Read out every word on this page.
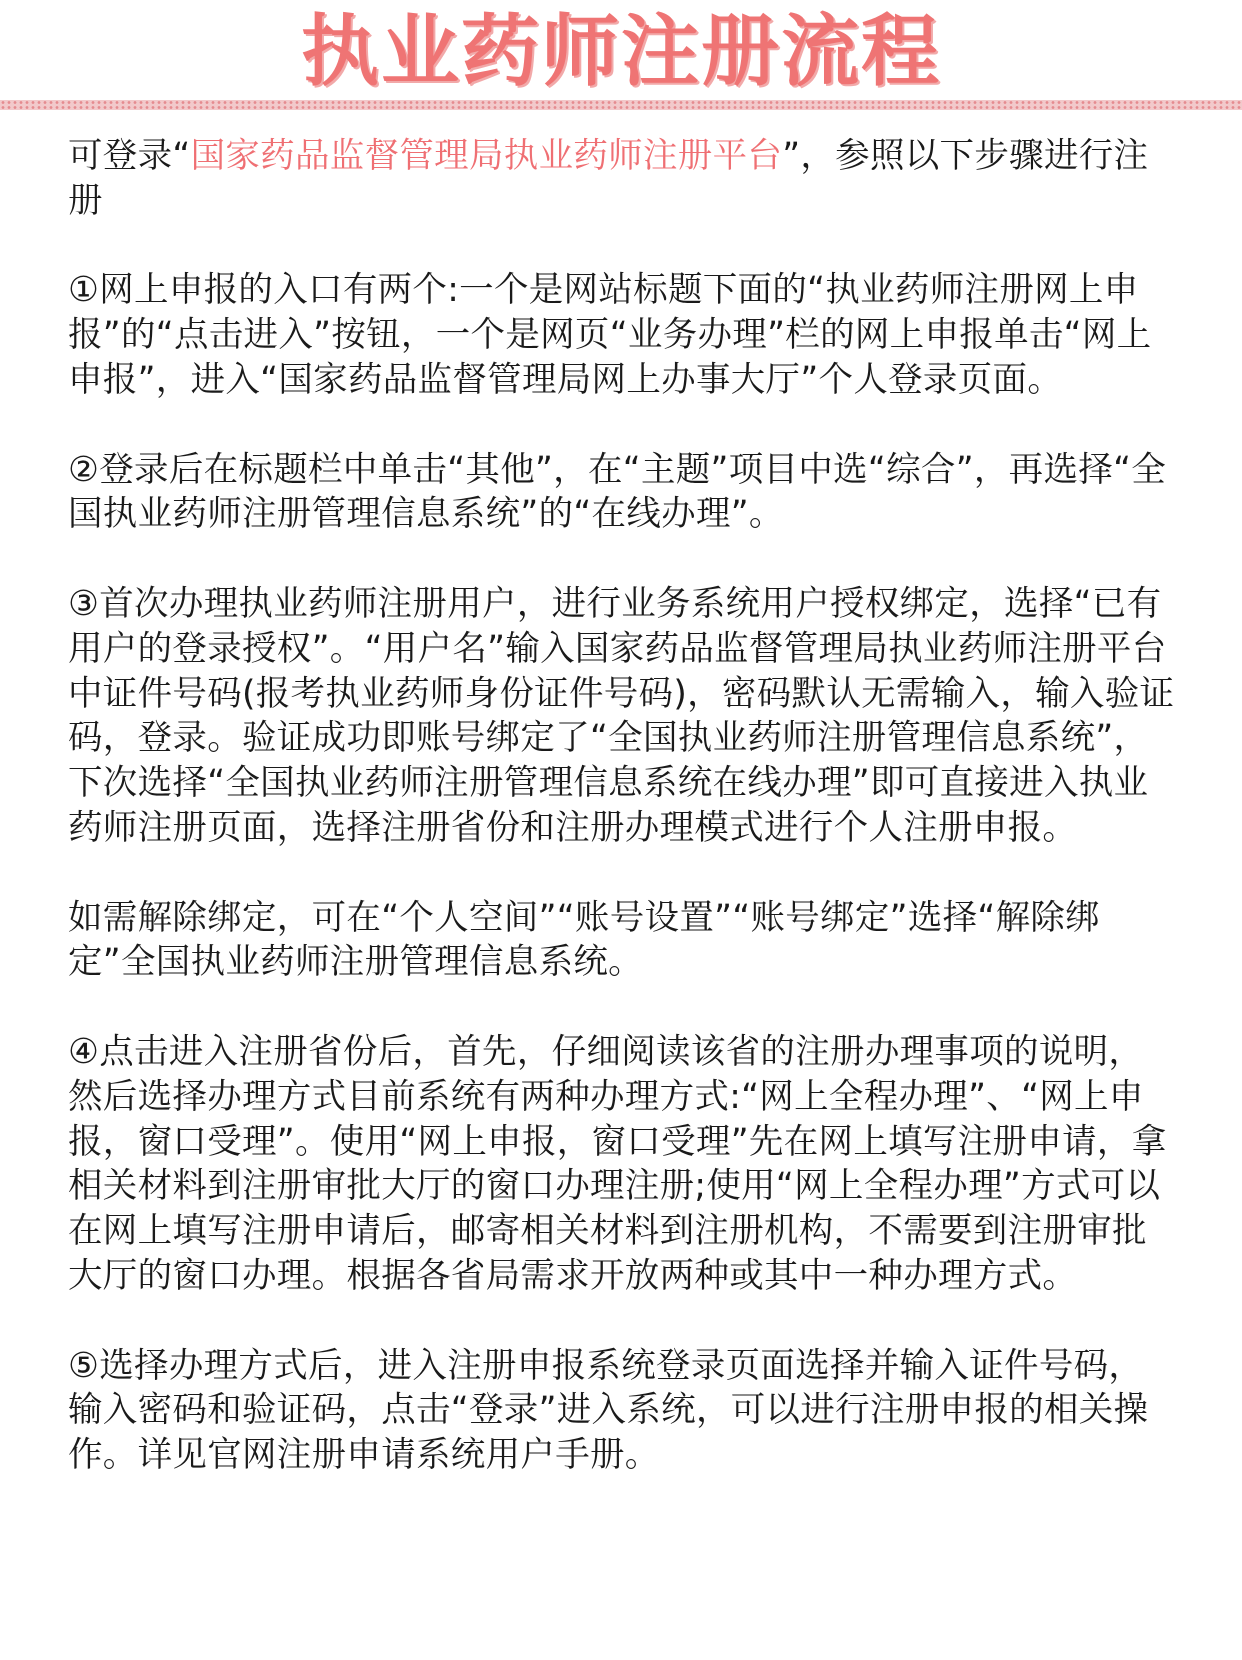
执业药师注册流程

可登录“国家药品监督管理局执业药师注册平台”，参照以下步骤进行注册

①网上申报的入口有两个:一个是网站标题下面的“执业药师注册网上申报”的“点击进入”按钮，一个是网页“业务办理”栏的网上申报单击“网上申报”，进入“国家药品监督管理局网上办事大厅”个人登录页面。

②登录后在标题栏中单击“其他”，在“主题”项目中选“综合”，再选择“全国执业药师注册管理信息系统”的“在线办理”。

③首次办理执业药师注册用户，进行业务系统用户授权绑定，选择“已有用户的登录授权”。“用户名”输入国家药品监督管理局执业药师注册平台中证件号码(报考执业药师身份证件号码)，密码默认无需输入，输入验证码，登录。验证成功即账号绑定了“全国执业药师注册管理信息系统”，下次选择“全国执业药师注册管理信息系统在线办理”即可直接进入执业药师注册页面，选择注册省份和注册办理模式进行个人注册申报。

如需解除绑定，可在“个人空间”“账号设置”“账号绑定”选择“解除绑定”全国执业药师注册管理信息系统。

④点击进入注册省份后，首先，仔细阅读该省的注册办理事项的说明，然后选择办理方式目前系统有两种办理方式:“网上全程办理”、“网上申报，窗口受理”。使用“网上申报，窗口受理”先在网上填写注册申请，拿相关材料到注册审批大厅的窗口办理注册;使用“网上全程办理”方式可以在网上填写注册申请后，邮寄相关材料到注册机构，不需要到注册审批大厅的窗口办理。根据各省局需求开放两种或其中一种办理方式。

⑤选择办理方式后，进入注册申报系统登录页面选择并输入证件号码，输入密码和验证码，点击“登录”进入系统，可以进行注册申报的相关操作。详见官网注册申请系统用户手册。
